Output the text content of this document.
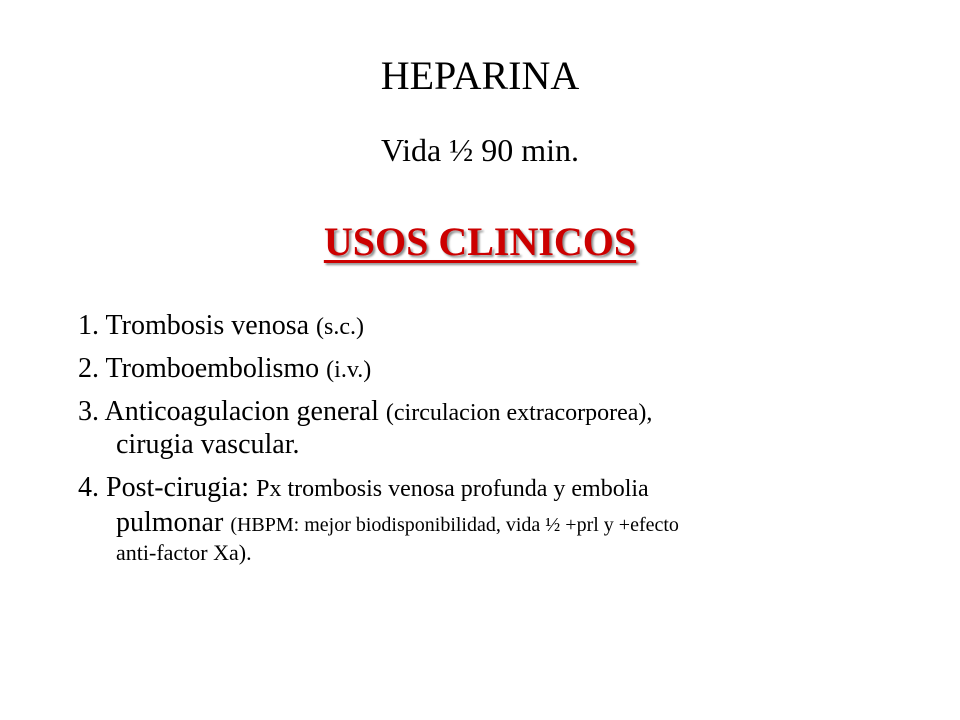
HEPARINA
Vida ½ 90 min.
USOS CLINICOS
1. Trombosis venosa (s.c.)
2. Tromboembolismo (i.v.)
3. Anticoagulacion general (circulacion extracorporea),
cirugia vascular.
4. Post-cirugia: Px trombosis venosa profunda y embolia
pulmonar (HBPM: mejor biodisponibilidad, vida ½ +prl y +efecto
anti-factor Xa).
